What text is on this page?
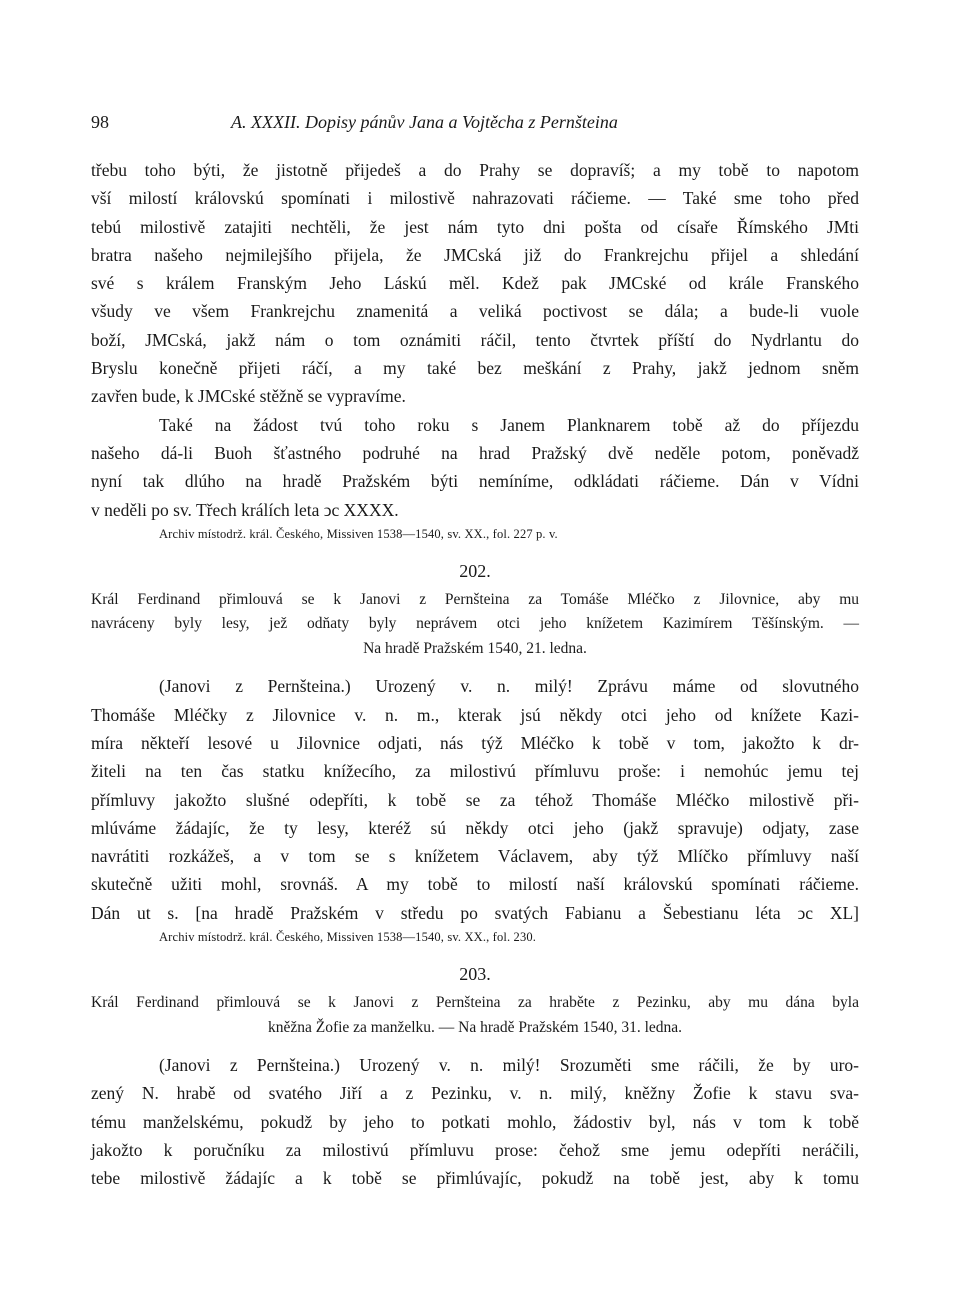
98	A. XXXII. Dopisy pánův Jana a Vojtěcha z Pernšteina
třebu toho býti, že jistotně přijedeš a do Prahy se dopravíš; a my tobě to napotom
vší milostí královskú spomínati i milostivě nahrazovati ráčieme. — Také sme toho před
tebú milostivě zatajiti nechtěli, že jest nám tyto dni pošta od císaře Římského JMti
bratra našeho nejmilejšího přijela, že JMCská již do Frankrejchu přijel a shledání
své s králem Franským Jeho Láskú měl. Kdež pak JMCské od krále Franského
všudy ve všem Frankrejchu znamenitá a veliká poctivost se dála; a bude-li vuole
boží, JMCská, jakž nám o tom oznámiti ráčil, tento čtvrtek příští do Nydrlantu do
Bryslu konečně přijeti ráčí, a my také bez meškání z Prahy, jakž jednom sněm
zavřen bude, k JMCské stěžně se vypravíme.
Také na žádost tvú toho roku s Janem Planknarem tobě až do příjezdu
našeho dá-li Buoh šťastného podruhé na hrad Pražský dvě neděle potom, poněvadž
nyní tak dlúho na hradě Pražském býti nemíníme, odkládati ráčieme. Dán v Vídni
v neděli po sv. Třech králích leta ↄc XXXX.
Archiv místodrž. král. Českého, Missiven 1538—1540, sv. XX., fol. 227 p. v.
202.
Král Ferdinand přimlouvá se k Janovi z Pernšteina za Tomáše Mléčko z Jilovnice, aby mu
navráceny byly lesy, jež odňaty byly neprávem otci jeho knížetem Kazimírem Těšínským. —
Na hradě Pražském 1540, 21. ledna.
(Janovi z Pernšteina.) Urozený v. n. milý! Zprávu máme od slovutného
Thomáše Mléčky z Jilovnice v. n. m., kterak jsú někdy otci jeho od knížete Kazi-
míra někteří lesové u Jilovnice odjati, nás týž Mléčko k tobě v tom, jakožto k dr-
žiteli na ten čas statku knížecího, za milostivú přímluvu proše: i nemohúc jemu tej
přímluvy jakožto slušné odepříti, k tobě se za téhož Thomáše Mléčko milostivě při-
mlúváme žádajíc, že ty lesy, kteréž sú někdy otci jeho (jakž spravuje) odjaty, zase
navrátiti rozkážeš, a v tom se s knížetem Václavem, aby týž Mlíčko přímluvy naší
skutečně užiti mohl, srovnáš. A my tobě to milostí naší královskú spomínati ráčieme.
Dán ut s. [na hradě Pražském v středu po svatých Fabianu a Šebestianu léta ↄc XL]
Archiv místodrž. král. Českého, Missiven 1538—1540, sv. XX., fol. 230.
203.
Král Ferdinand přimlouvá se k Janovi z Pernšteina za hraběte z Pezinku, aby mu dána byla
kněžna Žofie za manželku. — Na hradě Pražském 1540, 31. ledna.
(Janovi z Pernšteina.) Urozený v. n. milý! Srozuměti sme ráčili, že by uro-
zený N. hrabě od svatého Jiří a z Pezinku, v. n. milý, kněžny Žofie k stavu sva-
tému manželskému, pokudž by jeho to potkati mohlo, žádostiv byl, nás v tom k tobě
jakožto k poručníku za milostivú přímluvu prose: čehož sme jemu odepříti neráčili,
tebe milostivě žádajíc a k tobě se přimlúvajíc, pokudž na tobě jest, aby k tomu
